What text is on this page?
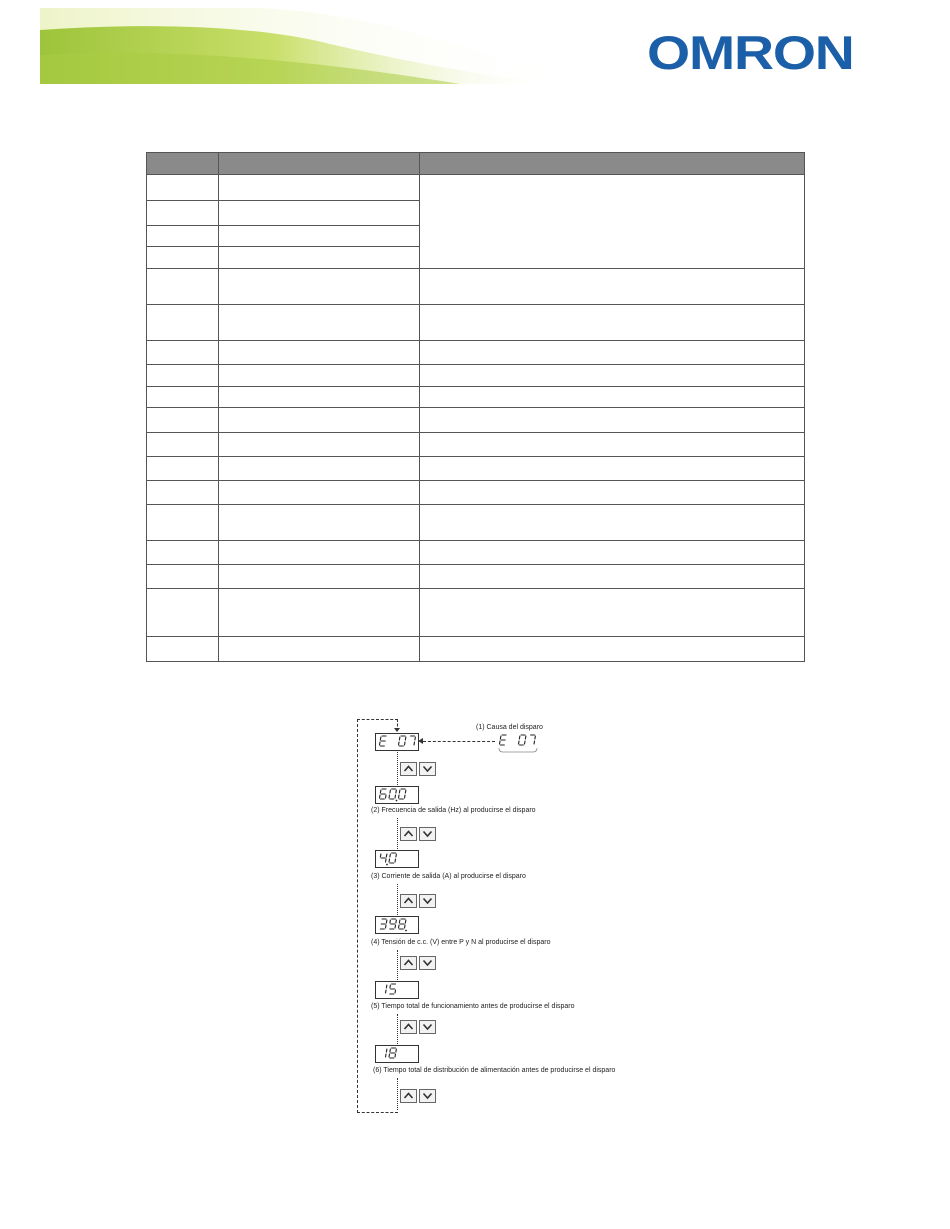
OMRON

(1) Causa del disparo
(2) Frecuencia de salida (Hz) al producirse el disparo
(3) Corriente de salida (A) al producirse el disparo
(4) Tensión de c.c. (V) entre P y N al producirse el disparo
(5) Tiempo total de funcionamiento antes de producirse el disparo
(6) Tiempo total de distribución de alimentación antes de producirse el disparo
